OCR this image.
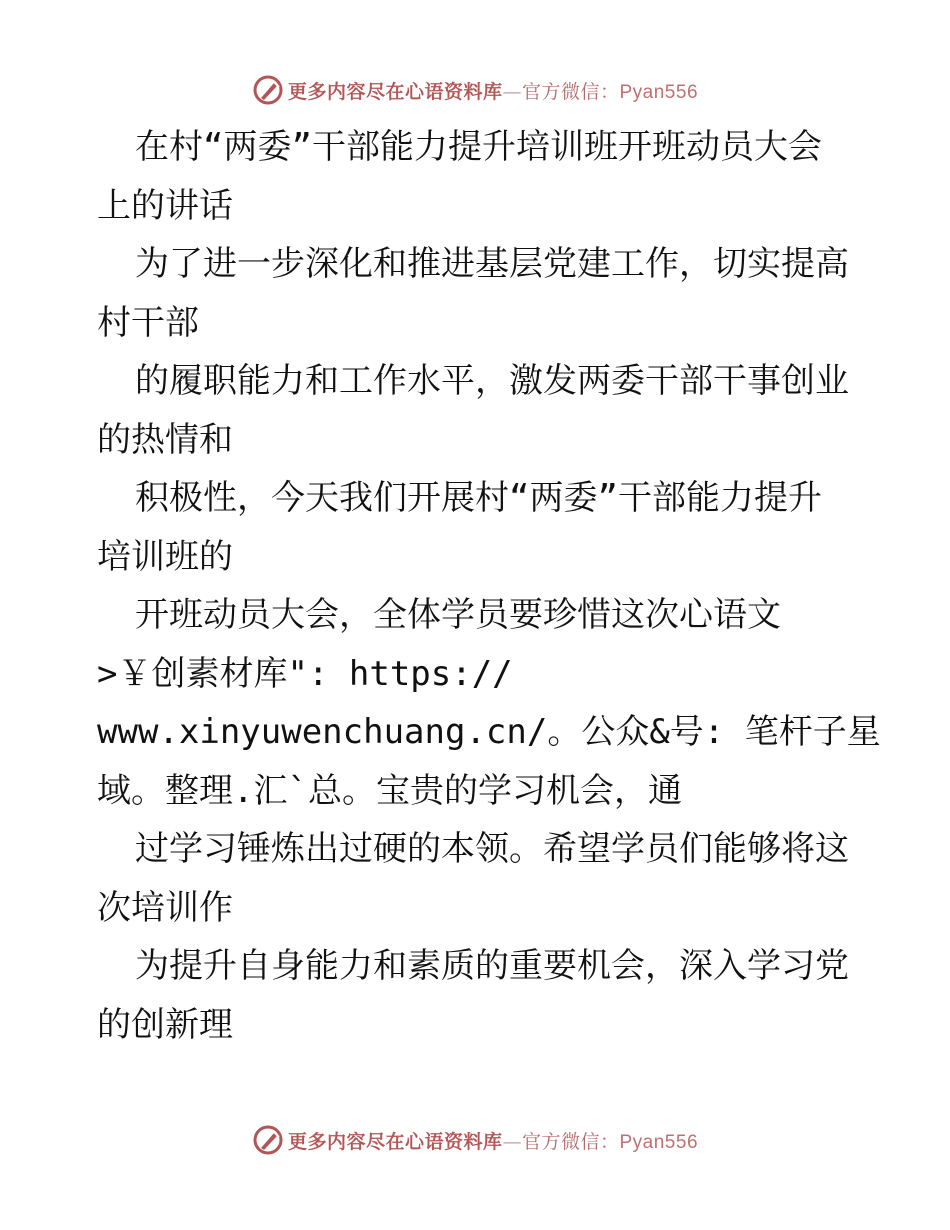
更多内容尽在心语资料库—官方微信：Pyan556
在村“两委”干部能力提升培训班开班动员大会
上的讲话
为了进一步深化和推进基层党建工作，切实提高
村干部
的履职能力和工作水平，激发两委干部干事创业
的热情和
积极性，今天我们开展村“两委”干部能力提升
培训班的
开班动员大会，全体学员要珍惜这次心语文
>￥创素材库": https://
www.xinyuwenchuang.cn/。公众&号: 笔杆子星
域。整理.汇`总。宝贵的学习机会，通
过学习锤炼出过硬的本领。希望学员们能够将这
次培训作
为提升自身能力和素质的重要机会，深入学习党
的创新理
更多内容尽在心语资料库—官方微信：Pyan556
